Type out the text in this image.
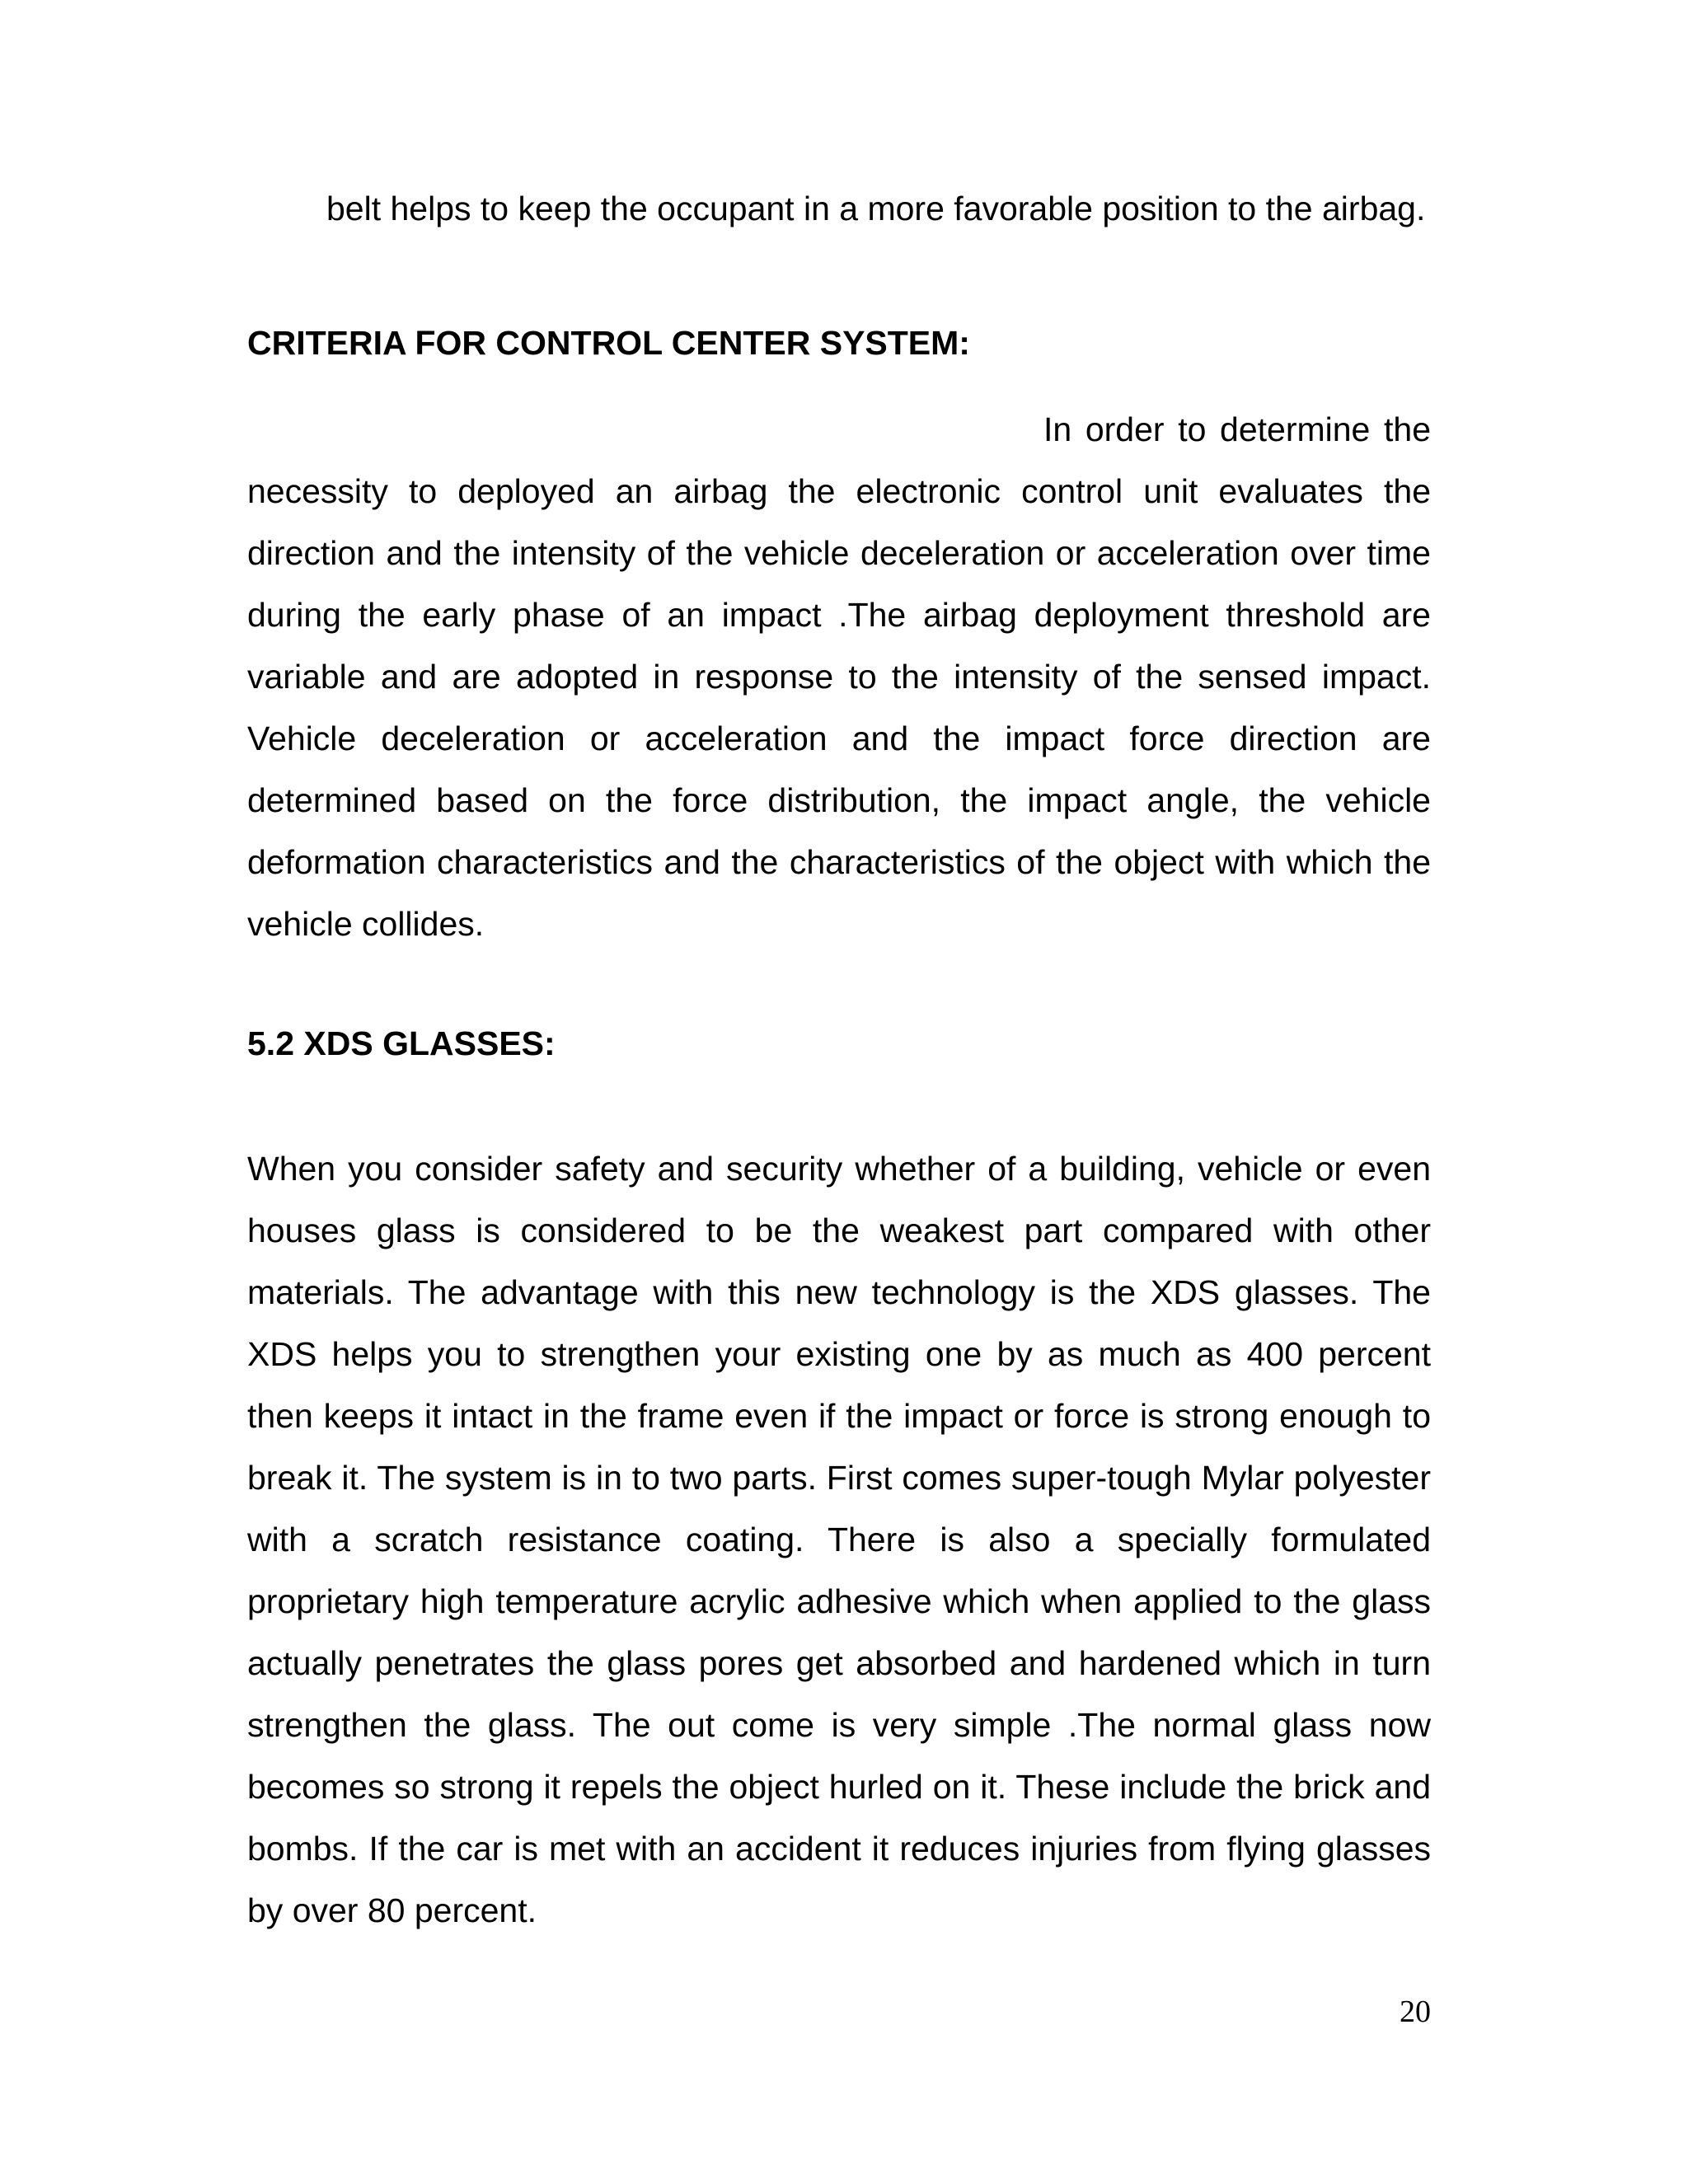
belt helps to keep the occupant in a more favorable position to the airbag.

CRITERIA FOR CONTROL CENTER SYSTEM:

In order to determine the necessity to deployed an airbag the electronic control unit evaluates the direction and the intensity of the vehicle deceleration or acceleration over time during the early phase of an impact .The airbag deployment threshold are variable and are adopted in response to the intensity of the sensed impact. Vehicle deceleration or acceleration and the impact force direction are determined based on the force distribution, the impact angle, the vehicle deformation characteristics and the characteristics of the object with which the vehicle collides.

5.2 XDS GLASSES:

When you consider safety and security whether of a building, vehicle or even houses glass is considered to be the weakest part compared with other materials. The advantage with this new technology is the XDS glasses. The XDS helps you to strengthen your existing one by as much as 400 percent then keeps it intact in the frame even if the impact or force is strong enough to break it. The system is in to two parts. First comes super-tough Mylar polyester with a scratch resistance coating. There is also a specially formulated proprietary high temperature acrylic adhesive which when applied to the glass actually penetrates the glass pores get absorbed and hardened which in turn strengthen the glass. The out come is very simple .The normal glass now becomes so strong it repels the object hurled on it. These include the brick and bombs. If the car is met with an accident it reduces injuries from flying glasses by over 80 percent.

20
